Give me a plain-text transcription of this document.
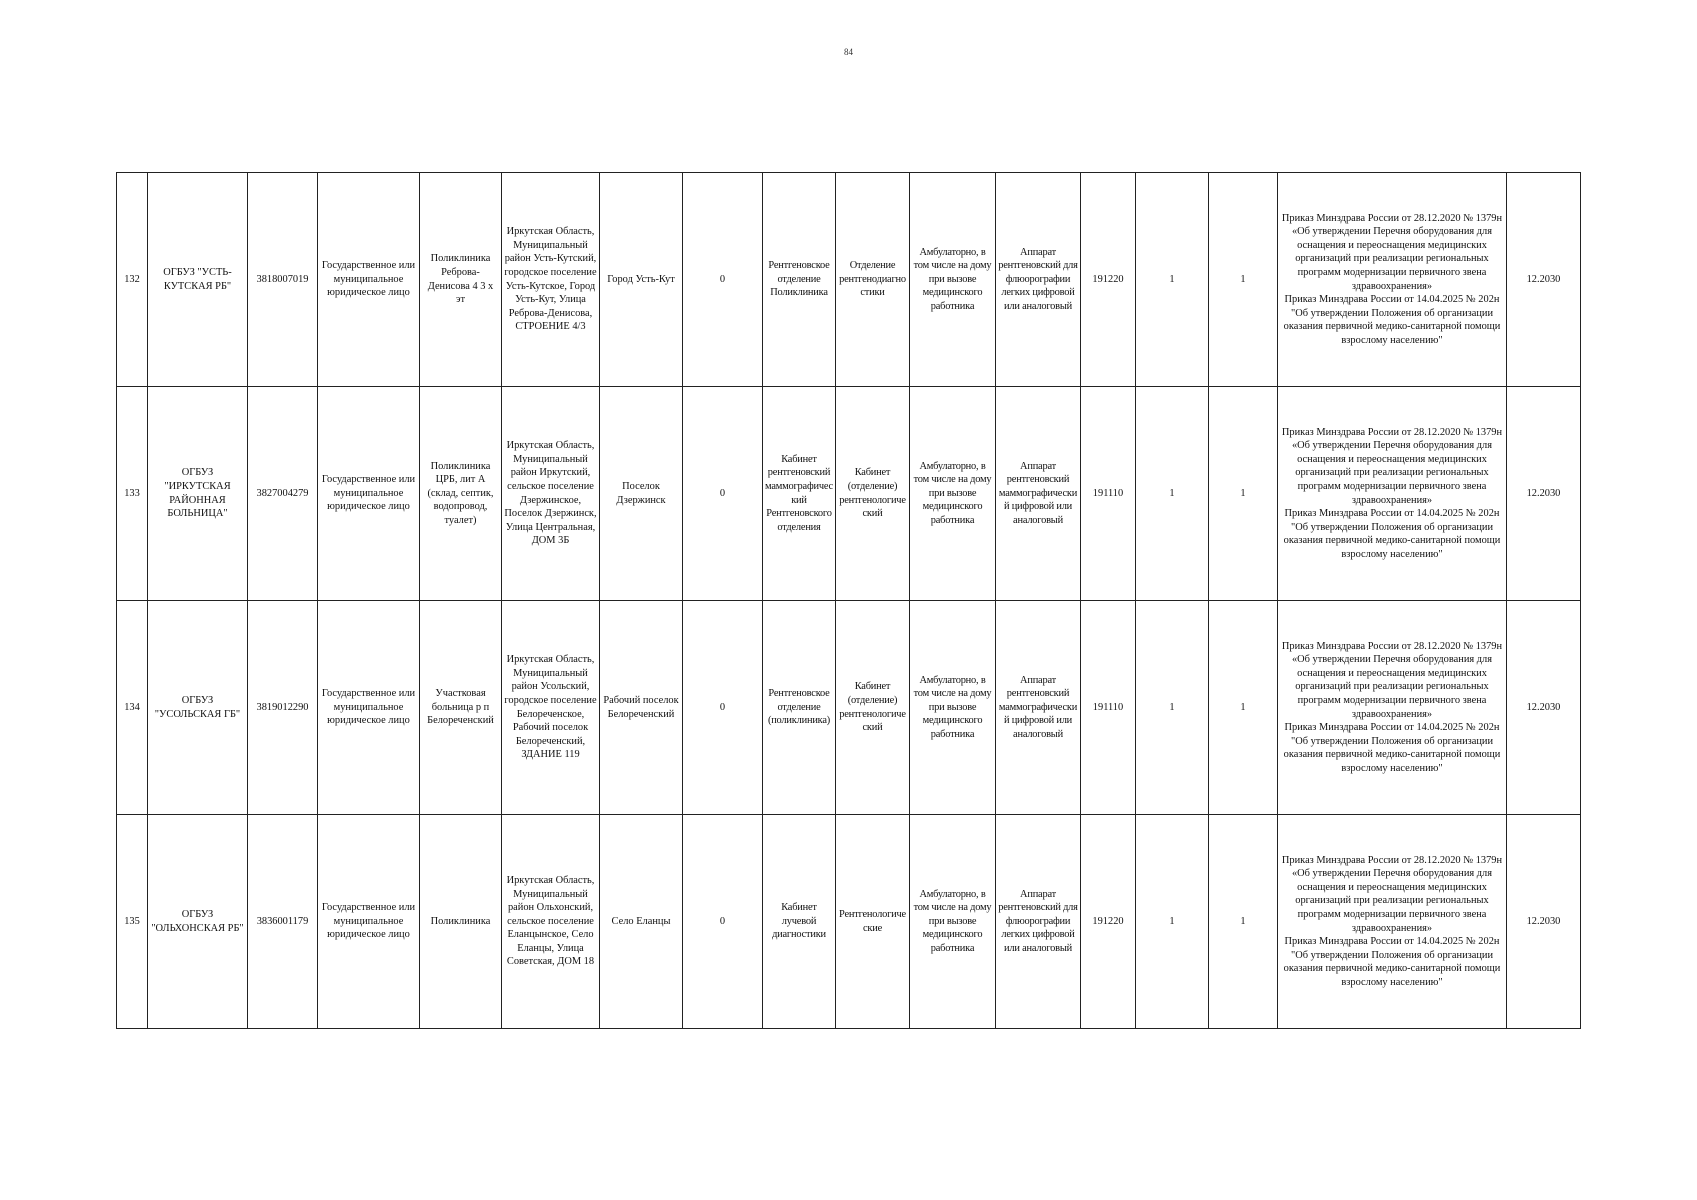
84
132	ОГБУЗ "УСТЬ-КУТСКАЯ РБ"	3818007019	Государственное или муниципальное юридическое лицо	Поликлиника Реброва-Денисова 4 3 х эт	Иркутская Область, Муниципальный район Усть-Кутский, городское поселение Усть-Кутское, Город Усть-Кут, Улица Реброва-Денисова, СТРОЕНИЕ 4/3	Город Усть-Кут	0	Рентгеновское отделение Поликлиника	Отделение рентгенодиагностики	Амбулаторно, в том числе на дому при вызове медицинского работника	Аппарат рентгеновский для флюорографии легких цифровой или аналоговый	191220	1	1	Приказ Минздрава России от 28.12.2020 № 1379н «Об утверждении Перечня оборудования для оснащения и переоснащения медицинских организаций при реализации региональных программ модернизации первичного звена здравоохранения»
Приказ Минздрава России от 14.04.2025 № 202н "Об утверждении Положения об организации оказания первичной медико-санитарной помощи взрослому населению"	12.2030
133	ОГБУЗ "ИРКУТСКАЯ РАЙОННАЯ БОЛЬНИЦА"	3827004279	Государственное или муниципальное юридическое лицо	Поликлиника ЦРБ, лит А (склад, септик, водопровод, туалет)	Иркутская Область, Муниципальный район Иркутский, сельское поселение Дзержинское, Поселок Дзержинск, Улица Центральная, ДОМ 3Б	Поселок Дзержинск	0	Кабинет рентгеновский маммографический Рентгеновского отделения	Кабинет (отделение) рентгенологический	Амбулаторно, в том числе на дому при вызове медицинского работника	Аппарат рентгеновский маммографический цифровой или аналоговый	191110	1	1	Приказ Минздрава России от 28.12.2020 № 1379н «Об утверждении Перечня оборудования для оснащения и переоснащения медицинских организаций при реализации региональных программ модернизации первичного звена здравоохранения»
Приказ Минздрава России от 14.04.2025 № 202н "Об утверждении Положения об организации оказания первичной медико-санитарной помощи взрослому населению"	12.2030
134	ОГБУЗ "УСОЛЬСКАЯ ГБ"	3819012290	Государственное или муниципальное юридическое лицо	Участковая больница р п Белореченский	Иркутская Область, Муниципальный район Усольский, городское поселение Белореченское, Рабочий поселок Белореченский, ЗДАНИЕ 119	Рабочий поселок Белореченский	0	Рентгеновское отделение (поликлиника)	Кабинет (отделение) рентгенологический	Амбулаторно, в том числе на дому при вызове медицинского работника	Аппарат рентгеновский маммографический цифровой или аналоговый	191110	1	1	Приказ Минздрава России от 28.12.2020 № 1379н «Об утверждении Перечня оборудования для оснащения и переоснащения медицинских организаций при реализации региональных программ модернизации первичного звена здравоохранения»
Приказ Минздрава России от 14.04.2025 № 202н "Об утверждении Положения об организации оказания первичной медико-санитарной помощи взрослому населению"	12.2030
135	ОГБУЗ "ОЛЬХОНСКАЯ РБ"	3836001179	Государственное или муниципальное юридическое лицо	Поликлиника	Иркутская Область, Муниципальный район Ольхонский, сельское поселение Еланцынское, Село Еланцы, Улица Советская, ДОМ 18	Село Еланцы	0	Кабинет лучевой диагностики	Рентгенологические	Амбулаторно, в том числе на дому при вызове медицинского работника	Аппарат рентгеновский для флюорографии легких цифровой или аналоговый	191220	1	1	Приказ Минздрава России от 28.12.2020 № 1379н «Об утверждении Перечня оборудования для оснащения и переоснащения медицинских организаций при реализации региональных программ модернизации первичного звена здравоохранения»
Приказ Минздрава России от 14.04.2025 № 202н "Об утверждении Положения об организации оказания первичной медико-санитарной помощи взрослому населению"	12.2030
